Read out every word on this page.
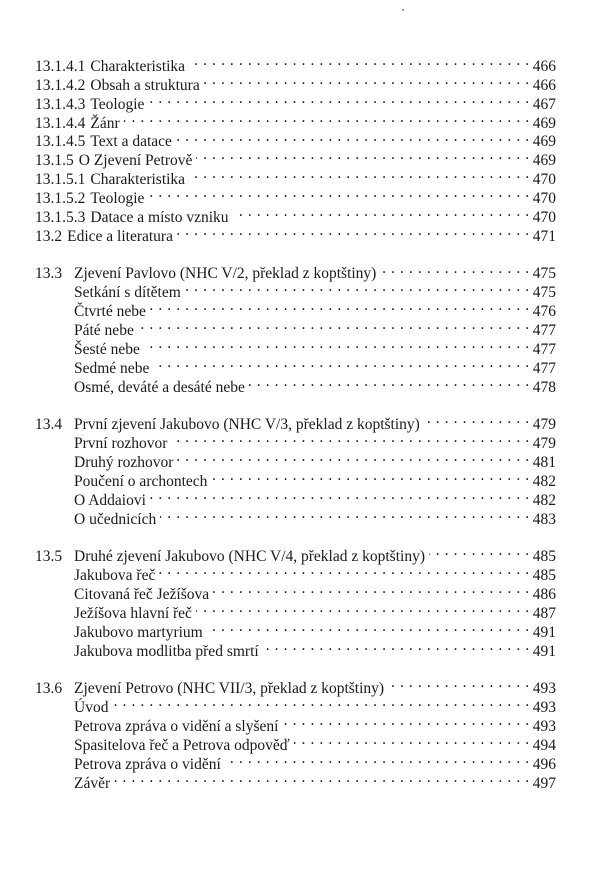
13.1.4.1 Charakteristika . . .	466
13.1.4.2 Obsah a struktura . . .	466
13.1.4.3 Teologie . . .	467
13.1.4.4 Žánr . . .	469
13.1.4.5 Text a datace . . .	469
13.1.5 O Zjevení Petrově . . .	469
13.1.5.1 Charakteristika . . .	470
13.1.5.2 Teologie . . .	470
13.1.5.3 Datace a místo vzniku . . .	470
13.2 Edice a literatura . . .	471
13.3 Zjevení Pavlovo (NHC V/2, překlad z koptštiny) . . .	475
Setkání s dítětem . . .	475
Čtvrté nebe . . .	476
Páté nebe . . .	477
Šesté nebe . . .	477
Sedmé nebe . . .	477
Osmé, deváté a desáté nebe . . .	478
13.4 První zjevení Jakubovo (NHC V/3, překlad z koptštiny) . . .	479
První rozhovor . . .	479
Druhý rozhovor . . .	481
Poučení o archontech . . .	482
O Addaiovi . . .	482
O učednicích . . .	483
13.5 Druhé zjevení Jakubovo (NHC V/4, překlad z koptštiny) . . .	485
Jakubova řeč . . .	485
Citovaná řeč Ježíšova . . .	486
Ježíšova hlavní řeč . . .	487
Jakubovo martyrium . . .	491
Jakubova modlitba před smrtí . . .	491
13.6 Zjevení Petrovo (NHC VII/3, překlad z koptštiny) . . .	493
Úvod . . .	493
Petrova zpráva o vidění a slyšení . . .	493
Spasitelova řeč a Petrova odpověď . . .	494
Petrova zpráva o vidění . . .	496
Závěr . . .	497
